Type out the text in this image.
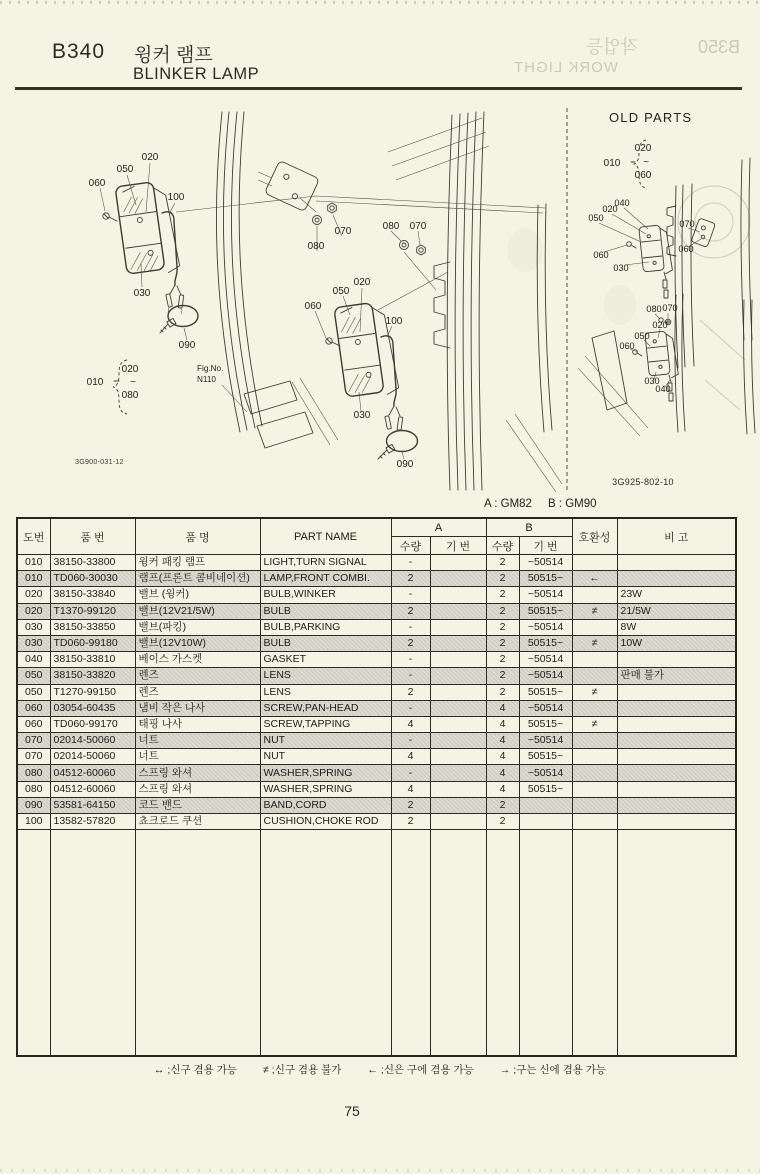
B340 윙커 램프
BLINKER LAMP
B350작업등
WORK LIGHT
060
050
020
100
030
090
010
020
~
080
Fig.No.
N110
3G900-031-12
080
070	080 070
050
020
060
100
030
090
OLD PARTS
010
020
~
060
040
020
050
060
030
070
060
080 070
020
050
060
030
040
3G925-802-10
A : GM82 B : GM90
도번	품 번	품 명	PART NAME	A		B		호환성	비 고
				수량	기 번	수량	기 번		
010	38150-33800	윙커 패킹 램프	LIGHT,TURN SIGNAL	-		2	~50514		
010	TD060-30030	램프(프론트 콤비네이션)	LAMP,FRONT COMBI.	2		2	50515~	←	
020	38150-33840	밸브 (윙커)	BULB,WINKER	-		2	~50514		23W
020	T1370-99120	밸브(12V21/5W)	BULB	2		2	50515~	≠	21/5W
030	38150-33850	밸브(파킹)	BULB,PARKING	-		2	~50514		8W
030	TD060-99180	밸브(12V10W)	BULB	2		2	50515~	≠	10W
040	38150-33810	베이스 가스켓	GASKET	-		2	~50514		
050	38150-33820	렌즈	LENS	-		2	~50514		판매 불가
050	T1270-99150	렌즈	LENS	2		2	50515~	≠	
060	03054-60435	냄비 작은 나사	SCREW,PAN-HEAD	-		4	~50514		
060	TD060-99170	태핑 나사	SCREW,TAPPING	4		4	50515~	≠	
070	02014-50060	너트	NUT	-		4	~50514		
070	02014-50060	너트	NUT	4		4	50515~		
080	04512-60060	스프링 와셔	WASHER,SPRING	-		4	~50514		
080	04512-60060	스프링 와셔	WASHER,SPRING	4		4	50515~		
090	53581-64150	코드 밴드	BAND,CORD	2		2			
100	13582-57820	쵸크로드 쿠션	CUSHION,CHOKE ROD	2		2			

↔ ;신구 겸용 가능 ≠ ;신구 겸용 불가 ← ;신은 구에 겸용 가능 → ;구는 신에 겸용 가능
75
